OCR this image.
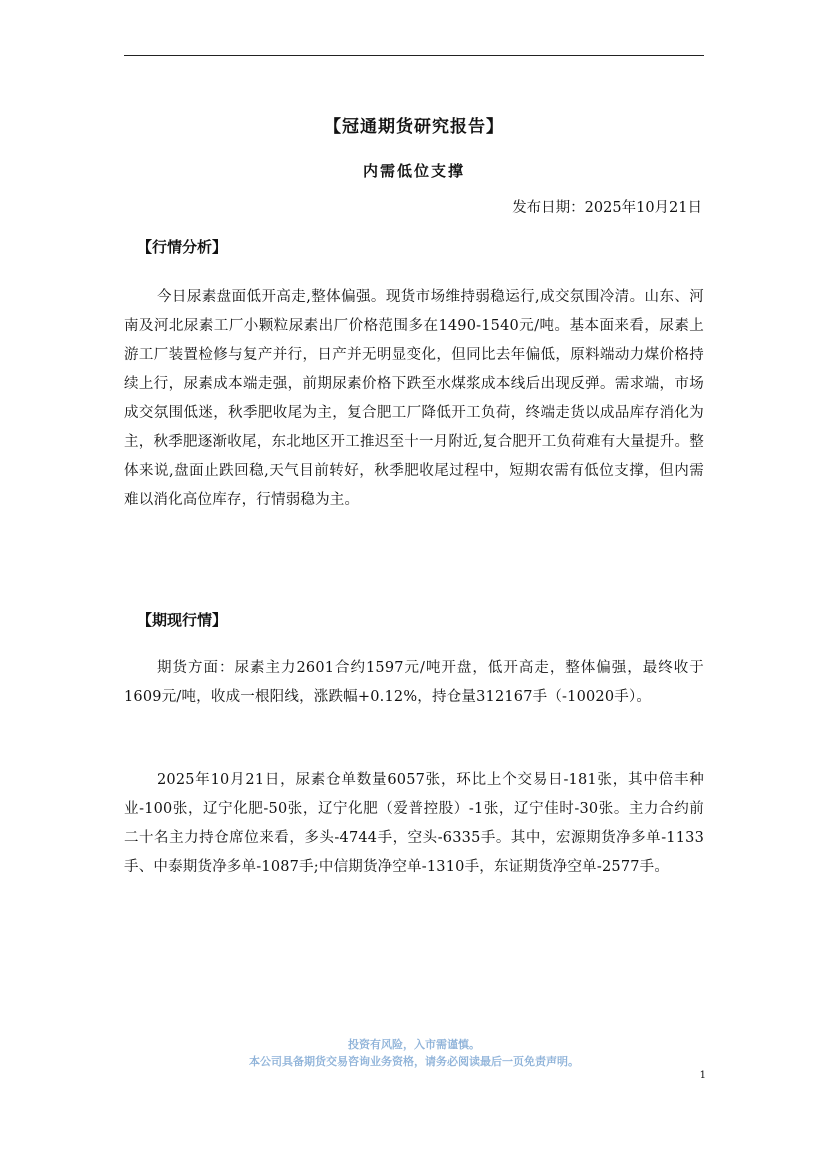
【冠通期货研究报告】
内需低位支撑
发布日期：2025年10月21日
【行情分析】

今日尿素盘面低开高走,整体偏强。现货市场维持弱稳运行,成交氛围冷清。山东、河南及河北尿素工厂小颗粒尿素出厂价格范围多在1490-1540元/吨。基本面来看，尿素上游工厂装置检修与复产并行，日产并无明显变化，但同比去年偏低，原料端动力煤价格持续上行，尿素成本端走强，前期尿素价格下跌至水煤浆成本线后出现反弹。需求端，市场成交氛围低迷，秋季肥收尾为主，复合肥工厂降低开工负荷，终端走货以成品库存消化为主，秋季肥逐渐收尾，东北地区开工推迟至十一月附近,复合肥开工负荷难有大量提升。整体来说,盘面止跌回稳,天气目前转好，秋季肥收尾过程中，短期农需有低位支撑，但内需难以消化高位库存，行情弱稳为主。

【期现行情】

期货方面：尿素主力2601合约1597元/吨开盘，低开高走，整体偏强，最终收于1609元/吨，收成一根阳线，涨跌幅+0.12%，持仓量312167手（-10020手）。

2025年10月21日，尿素仓单数量6057张，环比上个交易日-181张，其中倍丰种业-100张，辽宁化肥-50张，辽宁化肥（爱普控股）-1张，辽宁佳时-30张。主力合约前二十名主力持仓席位来看，多头-4744手，空头-6335手。其中，宏源期货净多单-1133手、中泰期货净多单-1087手;中信期货净空单-1310手，东证期货净空单-2577手。

投资有风险，入市需谨慎。
本公司具备期货交易咨询业务资格，请务必阅读最后一页免责声明。
1
